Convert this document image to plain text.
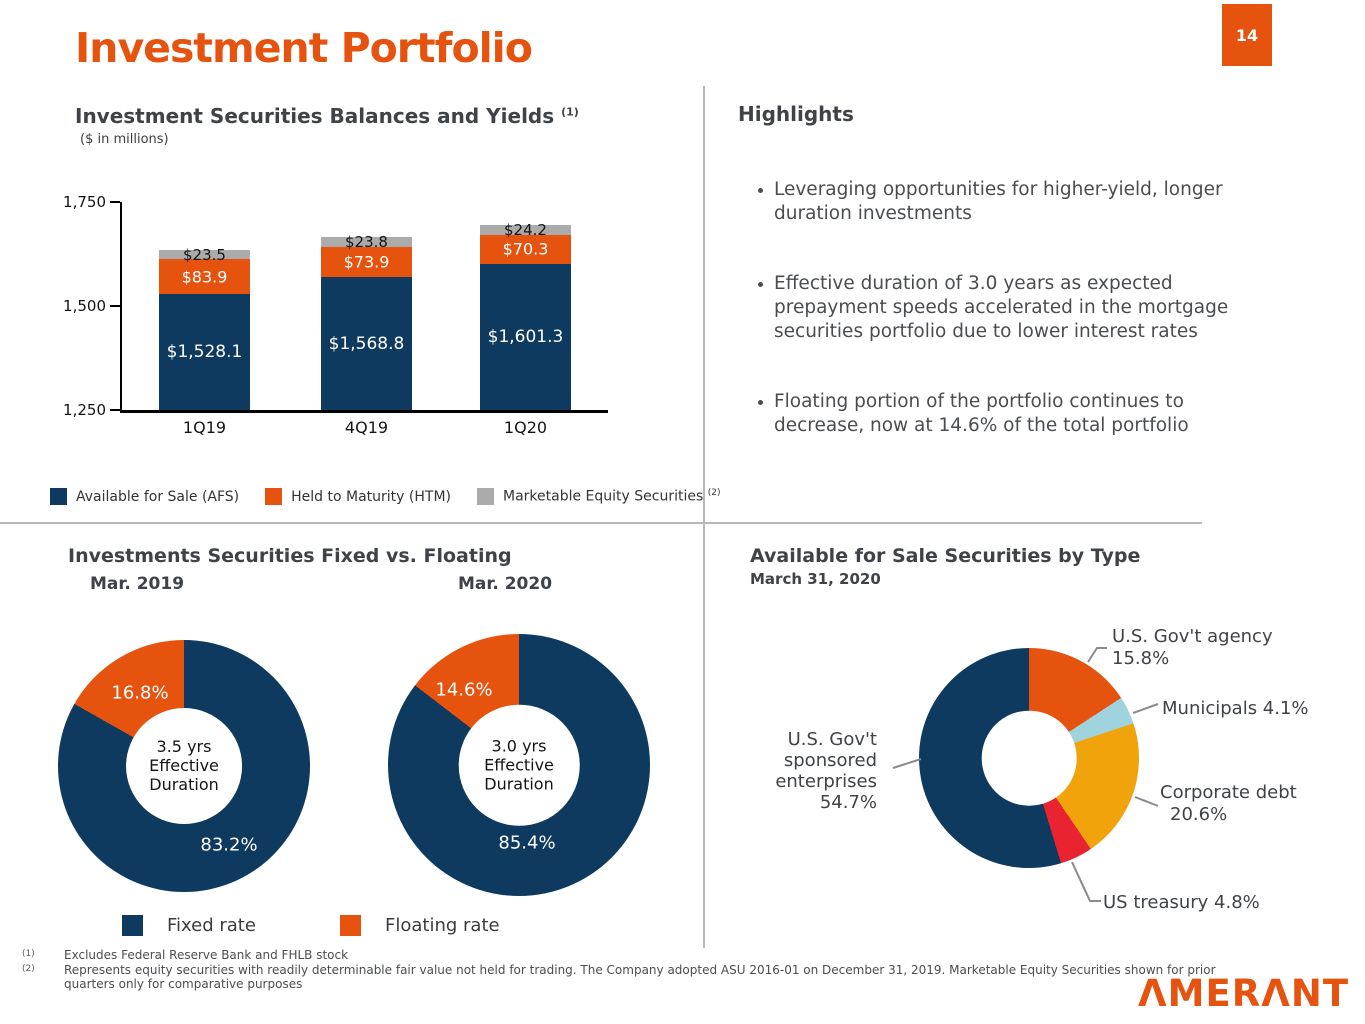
Investment Portfolio	14
Investment Securities Balances and Yields $^{(1)}$
($ in millions)
$23.5
$83.9
$1,528.1
1Q19
$23.8
$73.9
$1,568.8
4Q19
$24.2
$70.3
$1,601.3
1Q20
1,750
1,500
1,250
Available for Sale (AFS)	Held to Maturity (HTM)	Marketable Equity Securities $^{(2)}$
Highlights
• Leveraging opportunities for higher-yield, longer duration investments
• Effective duration of 3.0 years as expected prepayment speeds accelerated in the mortgage securities portfolio due to lower interest rates
• Floating portion of the portfolio continues to decrease, now at 14.6% of the total portfolio
Investments Securities Fixed vs. Floating
Mar. 2019	Mar. 2020
3.5 yrs
Effective
Duration
3.0 yrs
Effective
Duration
16.8%
83.2%
14.6%
85.4%
Fixed rate	Floating rate
Available for Sale Securities by Type
March 31, 2020
U.S. Gov't agency
15.8%
Municipals 4.1%
Corporate debt
20.6%
US treasury 4.8%
U.S. Gov't
sponsored
enterprises
54.7%
(1)	Excludes Federal Reserve Bank and FHLB stock
(2)	Represents equity securities with readily determinable fair value not held for trading. The Company adopted ASU 2016-01 on December 31, 2019. Marketable Equity Securities shown for prior quarters only for comparative purposes	ΛMERΛNT
